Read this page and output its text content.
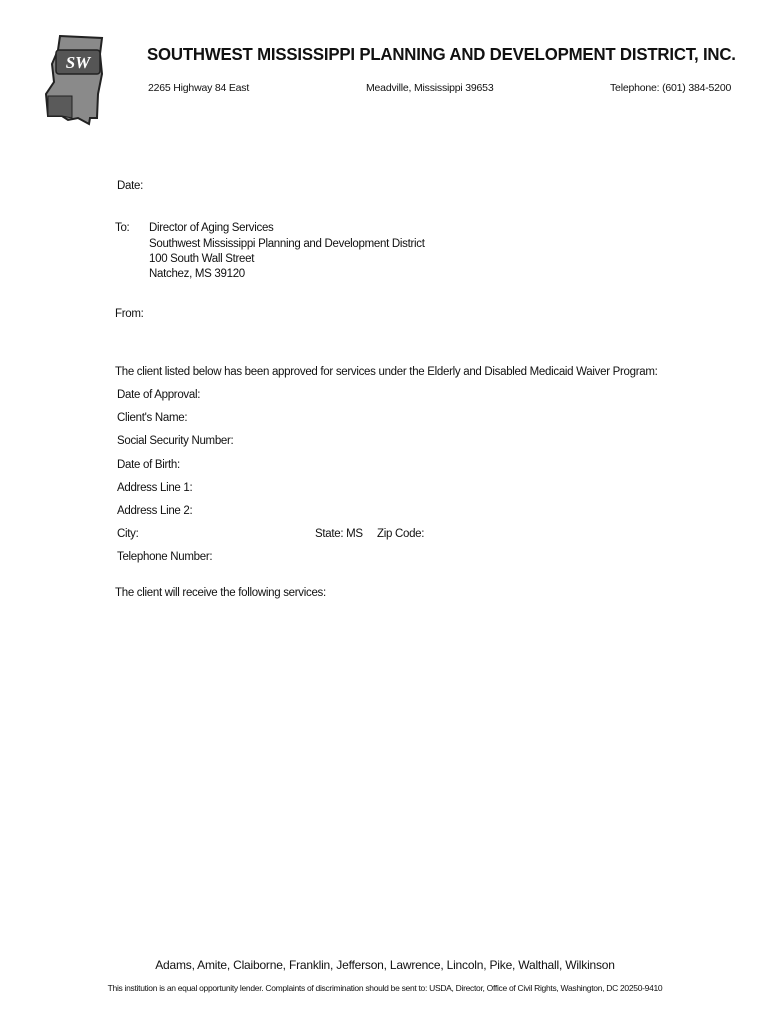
SW	SOUTHWEST MISSISSIPPI PLANNING AND DEVELOPMENT DISTRICT, INC.
2265 Highway 84 East	Meadville, Mississippi 39653	Telephone: (601) 384-5200
Date:
To: Director of Aging Services
Southwest Mississippi Planning and Development District
100 South Wall Street
Natchez, MS 39120
From:
The client listed below has been approved for services under the Elderly and Disabled Medicaid Waiver Program:
Date of Approval:
Client's Name:
Social Security Number:
Date of Birth:
Address Line 1:
Address Line 2:
City:	State: MS Zip Code:
Telephone Number:
The client will receive the following services:
Adams, Amite, Claiborne, Franklin, Jefferson, Lawrence, Lincoln, Pike, Walthall, Wilkinson
This institution is an equal opportunity lender. Complaints of discrimination should be sent to: USDA, Director, Office of Civil Rights, Washington, DC 20250-9410
